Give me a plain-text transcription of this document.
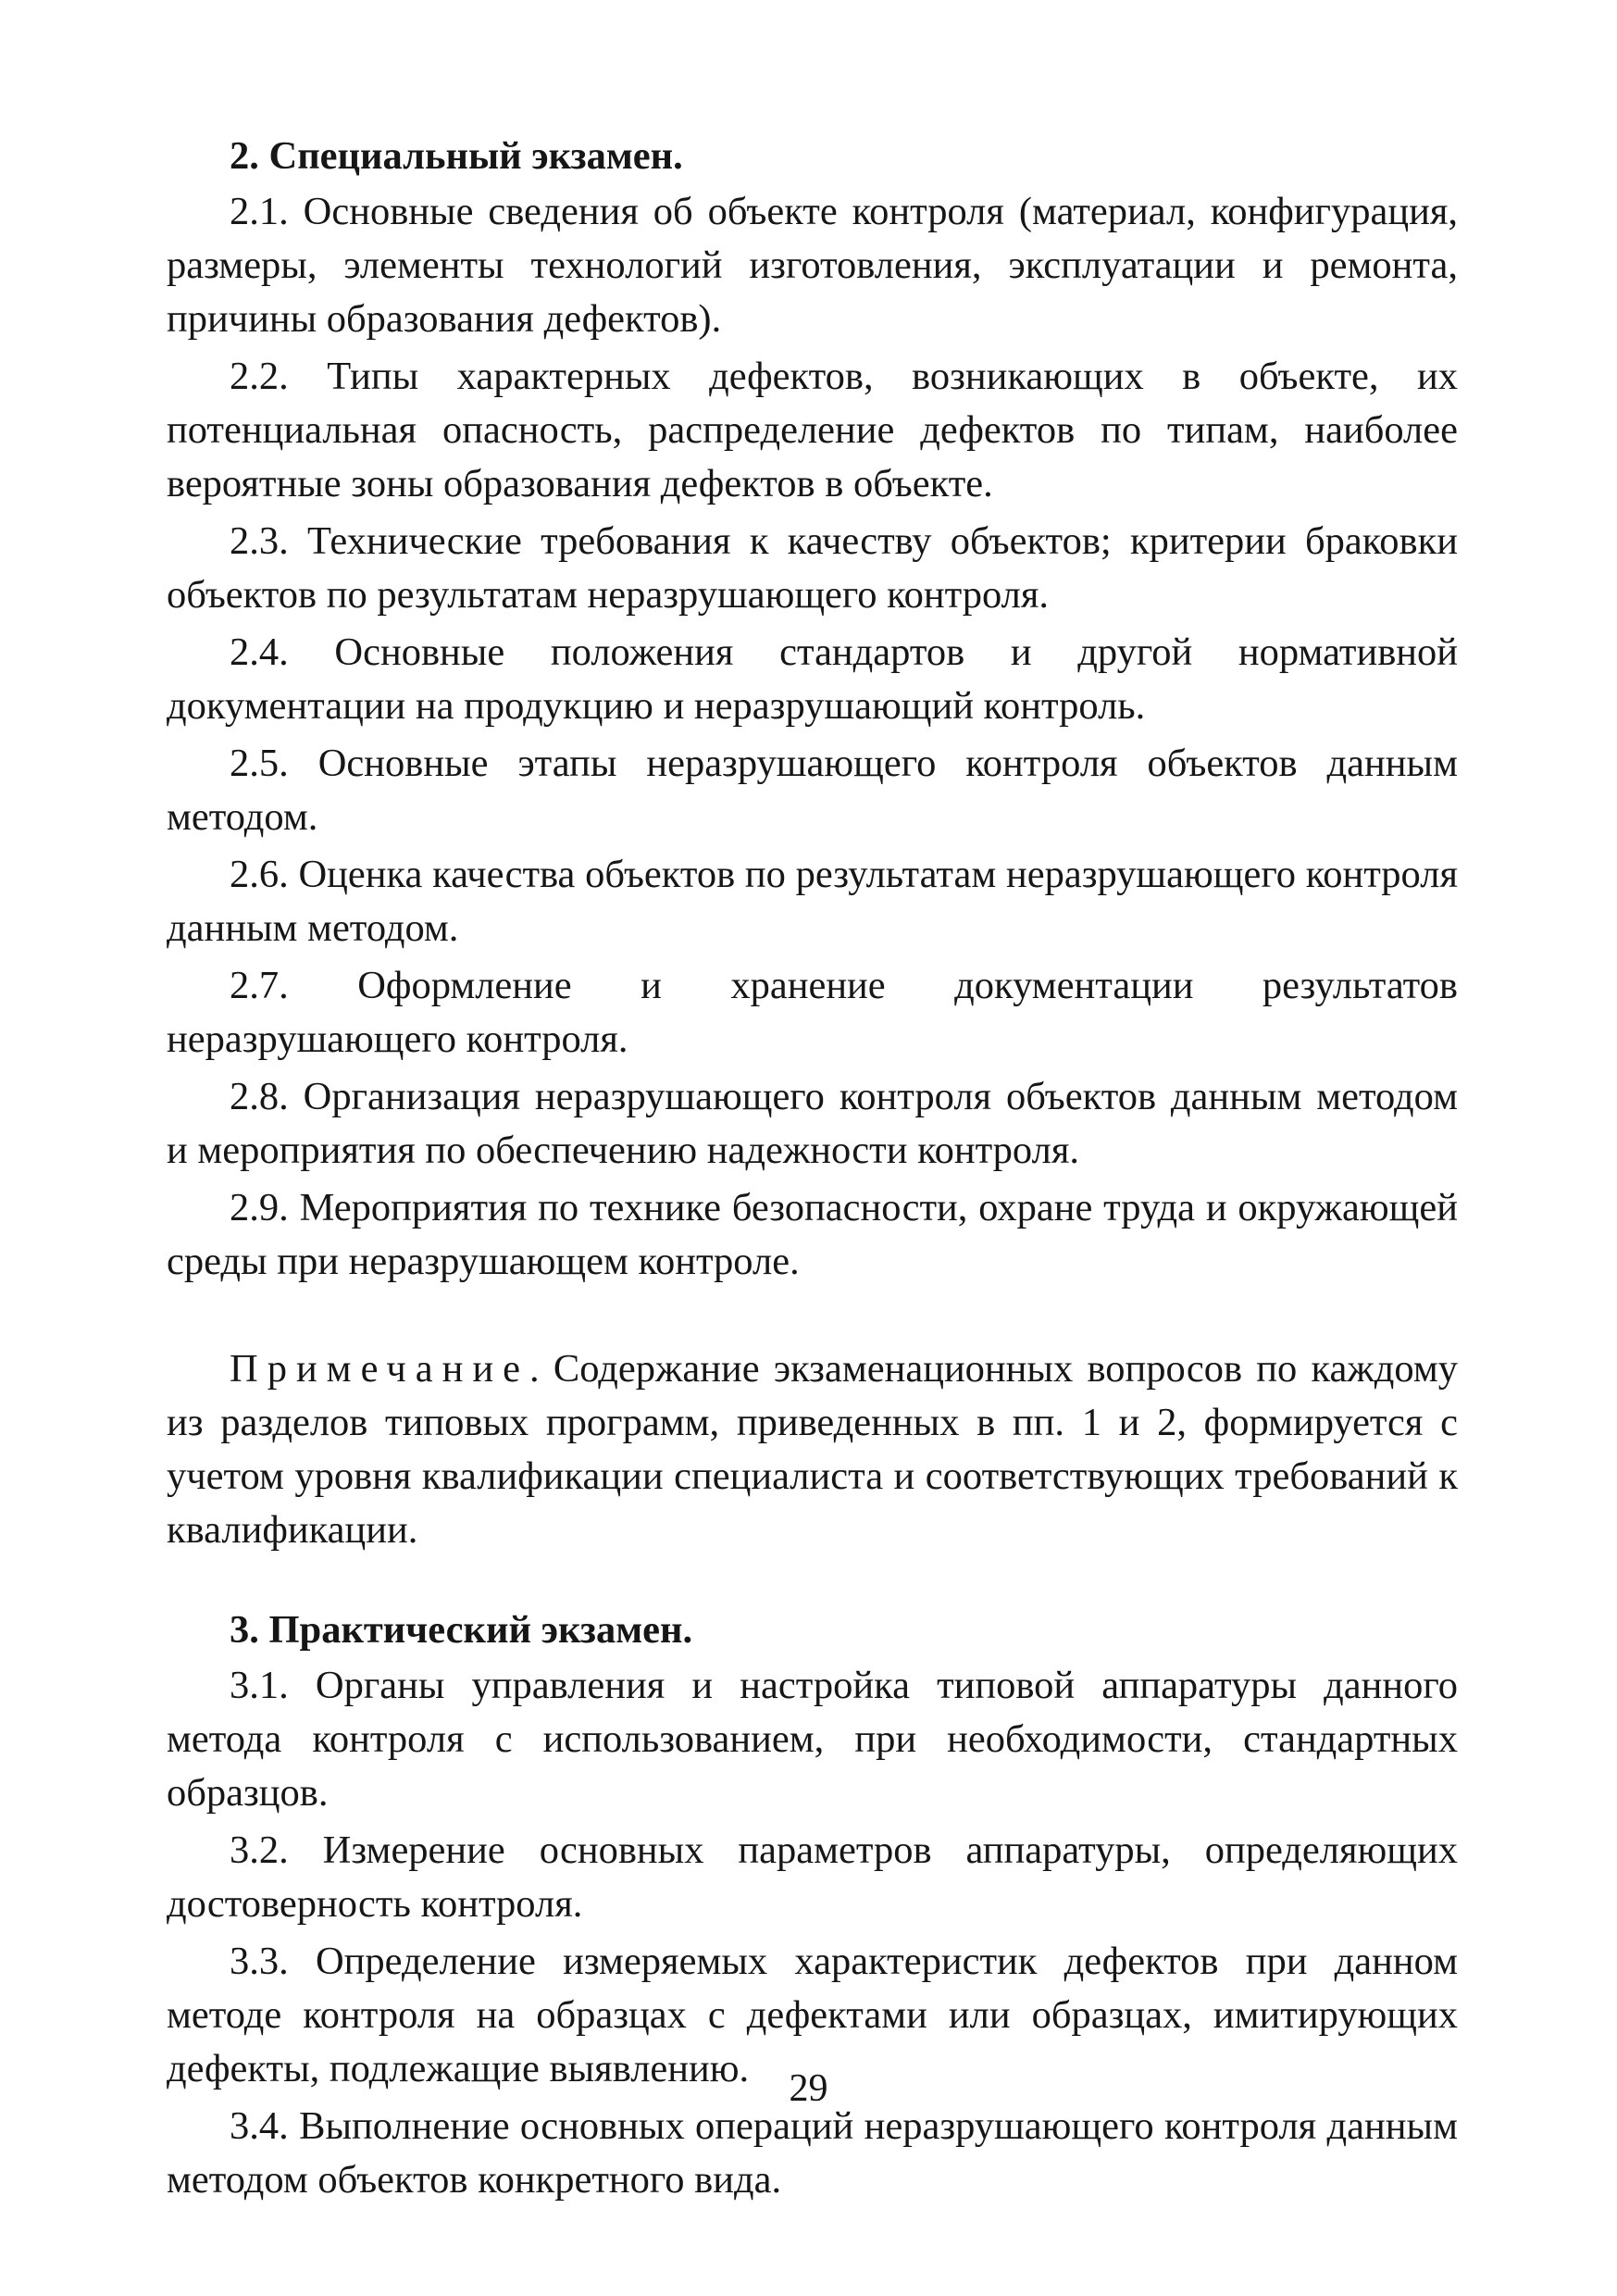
2. Специальный экзамен.

2.1. Основные сведения об объекте контроля (материал, конфигурация, размеры, элементы технологий изготовления, эксплуатации и ремонта, причины образования дефектов).

2.2. Типы характерных дефектов, возникающих в объекте, их потенциальная опасность, распределение дефектов по типам, наиболее вероятные зоны образования дефектов в объекте.

2.3. Технические требования к качеству объектов; критерии браковки объектов по результатам неразрушающего контроля.

2.4. Основные положения стандартов и другой нормативной документации на продукцию и неразрушающий контроль.

2.5. Основные этапы неразрушающего контроля объектов данным методом.

2.6. Оценка качества объектов по результатам неразрушающего контроля данным методом.

2.7. Оформление и хранение документации результатов неразрушающего контроля.

2.8. Организация неразрушающего контроля объектов данным методом и мероприятия по обеспечению надежности контроля.

2.9. Мероприятия по технике безопасности, охране труда и окружающей среды при неразрушающем контроле.

Примечание. Содержание экзаменационных вопросов по каждому из разделов типовых программ, приведенных в пп. 1 и 2, формируется с учетом уровня квалификации специалиста и соответствующих требований к квалификации.

3. Практический экзамен.

3.1. Органы управления и настройка типовой аппаратуры данного метода контроля с использованием, при необходимости, стандартных образцов.

3.2. Измерение основных параметров аппаратуры, определяющих достоверность контроля.

3.3. Определение измеряемых характеристик дефектов при данном методе контроля на образцах с дефектами или образцах, имитирующих дефекты, подлежащие выявлению.

3.4. Выполнение основных операций неразрушающего контроля данным методом объектов конкретного вида.

29
